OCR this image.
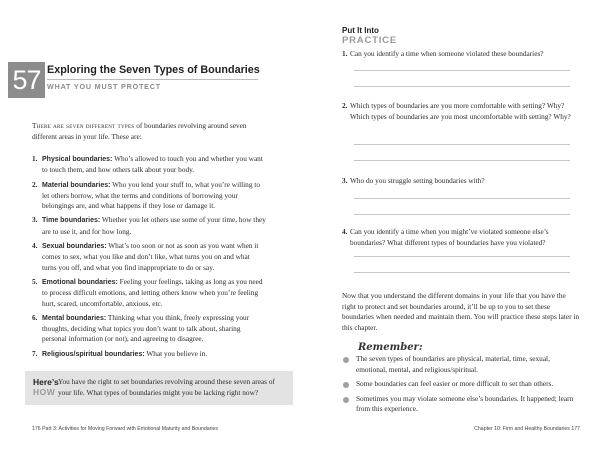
57 Exploring the Seven Types of Boundaries
WHAT YOU MUST PROTECT
There are seven different types of boundaries revolving around seven different areas in your life. These are:
1. Physical boundaries: Who’s allowed to touch you and whether you want to touch them, and how others talk about your body.
2. Material boundaries: Who you lend your stuff to, what you’re willing to let others borrow, what the terms and conditions of borrowing your belongings are, and what happens if they lose or damage it.
3. Time boundaries: Whether you let others use some of your time, how they are to use it, and for how long.
4. Sexual boundaries: What’s too soon or not as soon as you want when it comes to sex, what you like and don’t like, what turns you on and what turns you off, and what you find inappropriate to do or say.
5. Emotional boundaries: Feeling your feelings, taking as long as you need to process difficult emotions, and letting others know when you’re feeling hurt, scared, uncomfortable, anxious, etc.
6. Mental boundaries: Thinking what you think, freely expressing your thoughts, deciding what topics you don’t want to talk about, sharing personal information (or not), and agreeing to disagree.
7. Religious/spiritual boundaries: What you believe in.
Here’s
HOW
You have the right to set boundaries revolving around these seven areas of your life. What types of boundaries might you be lacking right now?
176 Part 3: Activities for Moving Forward with Emotional Maturity and Boundaries
Put It Into
PRACTICE
1. Can you identify a time when someone violated these boundaries?
2. Which types of boundaries are you more comfortable with setting? Why? Which types of boundaries are you most uncomfortable with setting? Why?
3. Who do you struggle setting boundaries with?
4. Can you identify a time when you might’ve violated someone else’s boundaries? What different types of boundaries have you violated?
Now that you understand the different domains in your life that you have the right to protect and set boundaries around, it’ll be up to you to set these boundaries when needed and maintain them. You will practice these steps later in this chapter.
Remember:
The seven types of boundaries are physical, material, time, sexual, emotional, mental, and religious/spiritual.
Some boundaries can feel easier or more difficult to set than others.
Sometimes you may violate someone else’s boundaries. It happened; learn from this experience.
Chapter 10: Firm and Healthy Boundaries 177
